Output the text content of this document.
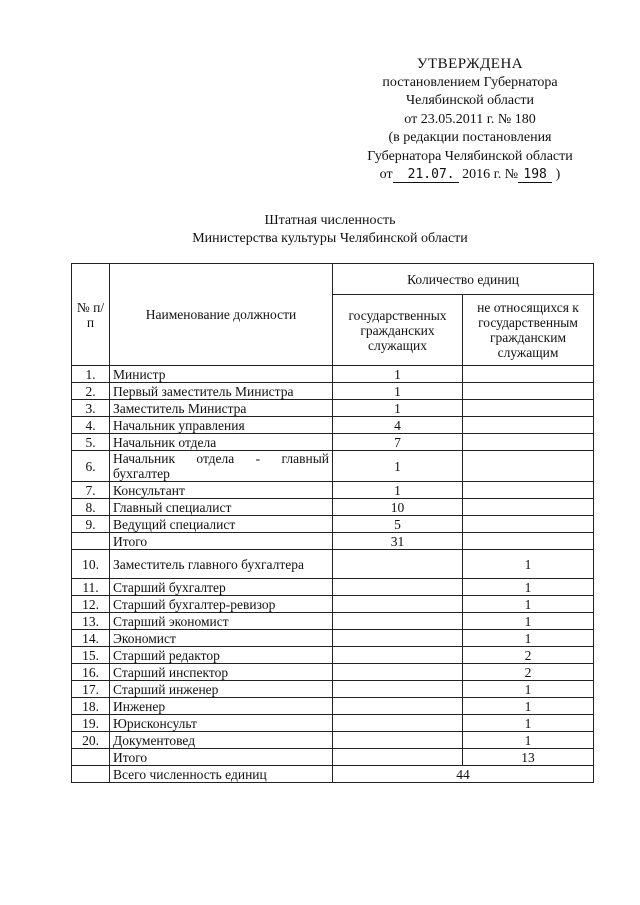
УТВЕРЖДЕНА
постановлением Губернатора
Челябинской области
от 23.05.2011 г. № 180
(в редакции постановления
Губернатора Челябинской области
от 21.07. 2016 г. № 198 )
Штатная численность
Министерства культуры Челябинской области
№ п/п	Наименование должности	Количество единиц	
		государственных гражданских служащих	не относящихся к государственным гражданским служащим
1.	Министр	1	
2.	Первый заместитель Министра	1	
3.	Заместитель Министра	1	
4.	Начальник управления	4	
5.	Начальник отдела	7	
6.	Начальник отдела - главный бухгалтер	1	
7.	Консультант	1	
8.	Главный специалист	10	
9.	Ведущий специалист	5	
	Итого	31	
10.	Заместитель главного бухгалтера		1
11.	Старший бухгалтер		1
12.	Старший бухгалтер-ревизор		1
13.	Старший экономист		1
14.	Экономист		1
15.	Старший редактор		2
16.	Старший инспектор		2
17.	Старший инженер		1
18.	Инженер		1
19.	Юрисконсульт		1
20.	Документовед		1
	Итого		13
	Всего численность единиц	44	
